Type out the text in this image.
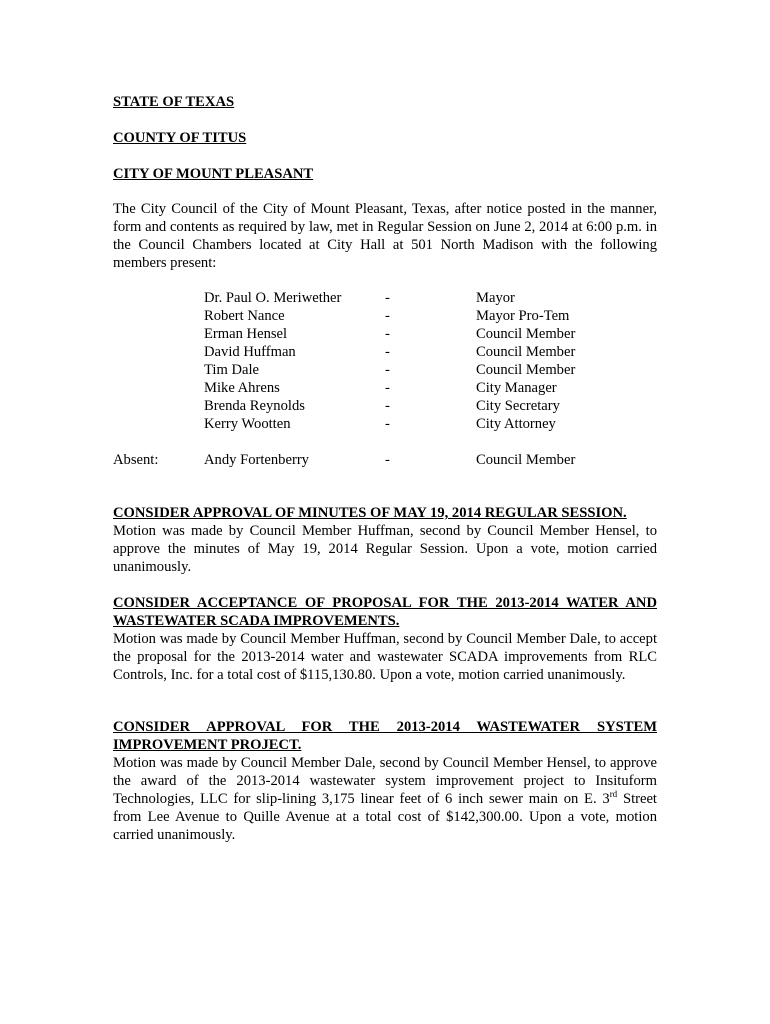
STATE OF TEXAS
COUNTY OF TITUS
CITY OF MOUNT PLEASANT

The City Council of the City of Mount Pleasant, Texas, after notice posted in the manner, form and contents as required by law, met in Regular Session on June 2, 2014 at 6:00 p.m. in the Council Chambers located at City Hall at 501 North Madison with the following members present:

Dr. Paul O. Meriwether	-	Mayor
Robert Nance	-	Mayor Pro-Tem
Erman Hensel	-	Council Member
David Huffman	-	Council Member
Tim Dale	-	Council Member
Mike Ahrens	-	City Manager
Brenda Reynolds	-	City Secretary
Kerry Wootten	-	City Attorney
Absent:	Andy Fortenberry	-	Council Member
CONSIDER APPROVAL OF MINUTES OF MAY 19, 2014 REGULAR SESSION.
Motion was made by Council Member Huffman, second by Council Member Hensel, to approve the minutes of May 19, 2014 Regular Session. Upon a vote, motion carried unanimously.
CONSIDER ACCEPTANCE OF PROPOSAL FOR THE 2013-2014 WATER AND
WASTEWATER SCADA IMPROVEMENTS.
Motion was made by Council Member Huffman, second by Council Member Dale, to accept the proposal for the 2013-2014 water and wastewater SCADA improvements from RLC Controls, Inc. for a total cost of $115,130.80. Upon a vote, motion carried unanimously.
CONSIDER APPROVAL FOR THE 2013-2014 WASTEWATER SYSTEM
IMPROVEMENT PROJECT.
Motion was made by Council Member Dale, second by Council Member Hensel, to approve the award of the 2013-2014 wastewater system improvement project to Insituform Technologies, LLC for slip-lining 3,175 linear feet of 6 inch sewer main on E. 3rd Street from Lee Avenue to Quille Avenue at a total cost of $142,300.00. Upon a vote, motion carried unanimously.
